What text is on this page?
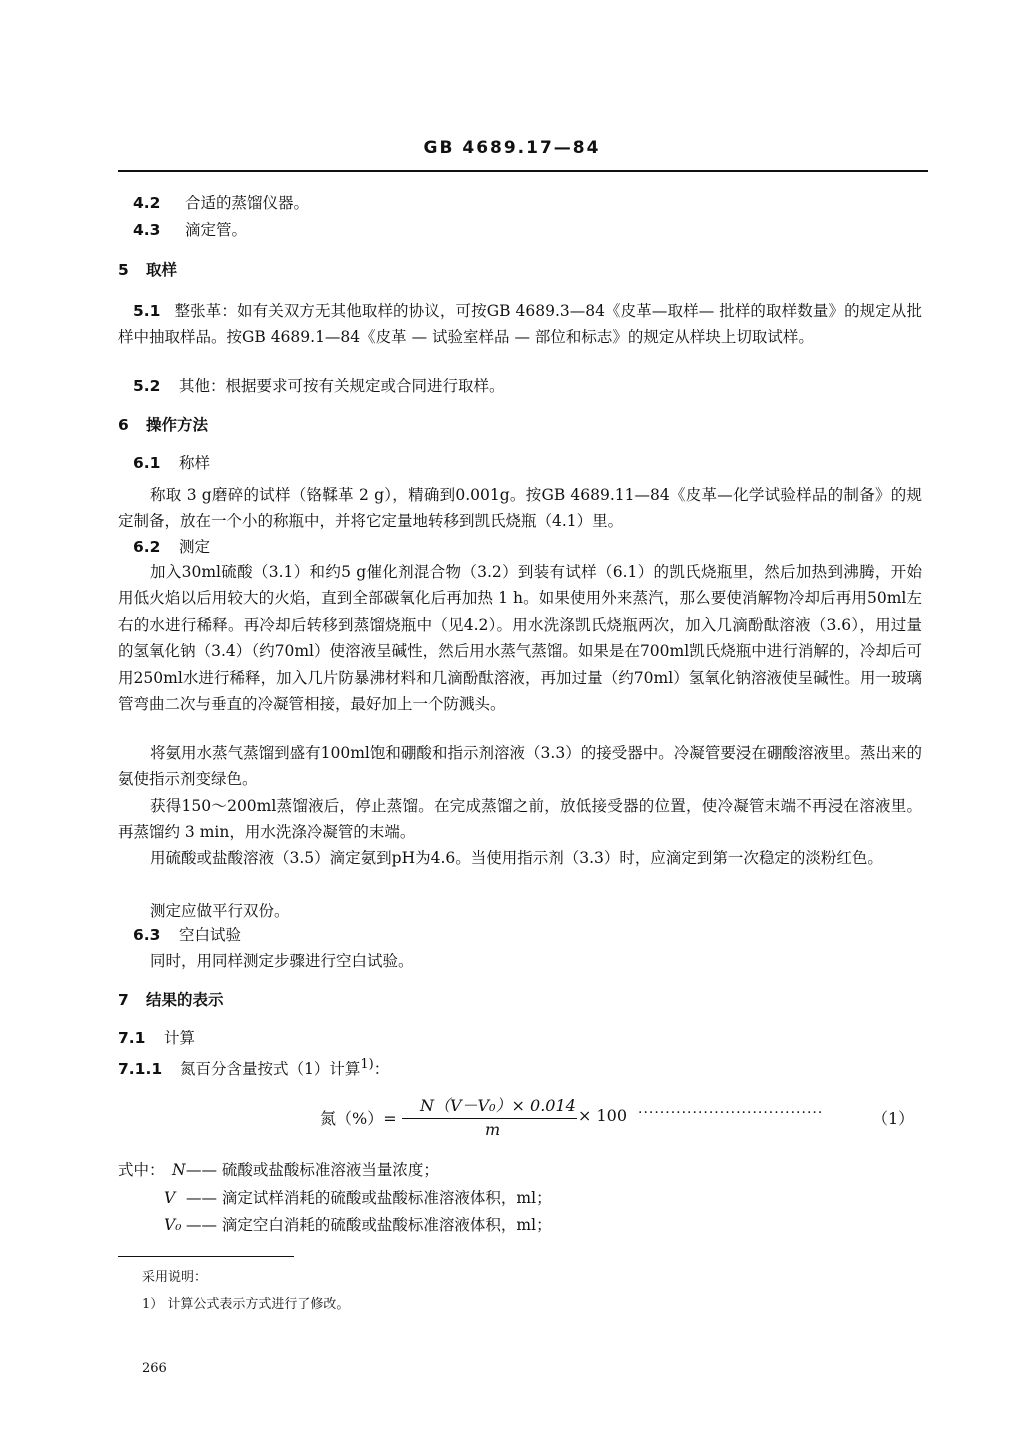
GB 4689.17—84
4.2 合适的蒸馏仪器。
4.3 滴定管。
5 取样
5.1 整张革：如有关双方无其他取样的协议，可按GB 4689.3—84《皮革—取样— 批样的取样数量》的规定从批样中抽取样品。按GB 4689.1—84《皮革 — 试验室样品 — 部位和标志》的规定从样块上切取试样。
5.2 其他：根据要求可按有关规定或合同进行取样。
6 操作方法
6.1 称样
称取 3 g磨碎的试样（铬鞣革 2 g），精确到0.001g。按GB 4689.11—84《皮革—化学试验样品的制备》的规定制备，放在一个小的称瓶中，并将它定量地转移到凯氏烧瓶（4.1）里。
6.2 测定
加入30ml硫酸（3.1）和约5 g催化剂混合物（3.2）到装有试样（6.1）的凯氏烧瓶里，然后加热到沸腾，开始用低火焰以后用较大的火焰，直到全部碳氧化后再加热 1 h。如果使用外来蒸汽，那么要使消解物冷却后再用50ml左右的水进行稀释。再冷却后转移到蒸馏烧瓶中（见4.2）。用水洗涤凯氏烧瓶两次，加入几滴酚酞溶液（3.6），用过量的氢氧化钠（3.4）（约70ml）使溶液呈碱性，然后用水蒸气蒸馏。如果是在700ml凯氏烧瓶中进行消解的，冷却后可用250ml水进行稀释，加入几片防暴沸材料和几滴酚酞溶液，再加过量（约70ml）氢氧化钠溶液使呈碱性。用一玻璃管弯曲二次与垂直的冷凝管相接，最好加上一个防溅头。
将氨用水蒸气蒸馏到盛有100ml饱和硼酸和指示剂溶液（3.3）的接受器中。冷凝管要浸在硼酸溶液里。蒸出来的氨使指示剂变绿色。
获得150～200ml蒸馏液后，停止蒸馏。在完成蒸馏之前，放低接受器的位置，使冷凝管末端不再浸在溶液里。再蒸馏约 3 min，用水洗涤冷凝管的末端。
用硫酸或盐酸溶液（3.5）滴定氨到pH为4.6。当使用指示剂（3.3）时，应滴定到第一次稳定的淡粉红色。
测定应做平行双份。
6.3 空白试验
同时，用同样测定步骤进行空白试验。
7 结果的表示
7.1 计算
7.1.1 氮百分含量按式（1）计算$^{1)}$：
氮（%）=
N（V－V₀）× 0.014
m
× 100 ··································	（1）
式中： N—— 硫酸或盐酸标准溶液当量浓度；
V —— 滴定试样消耗的硫酸或盐酸标准溶液体积，ml；
V₀ —— 滴定空白消耗的硫酸或盐酸标准溶液体积，ml；
采用说明：
1） 计算公式表示方式进行了修改。
266
